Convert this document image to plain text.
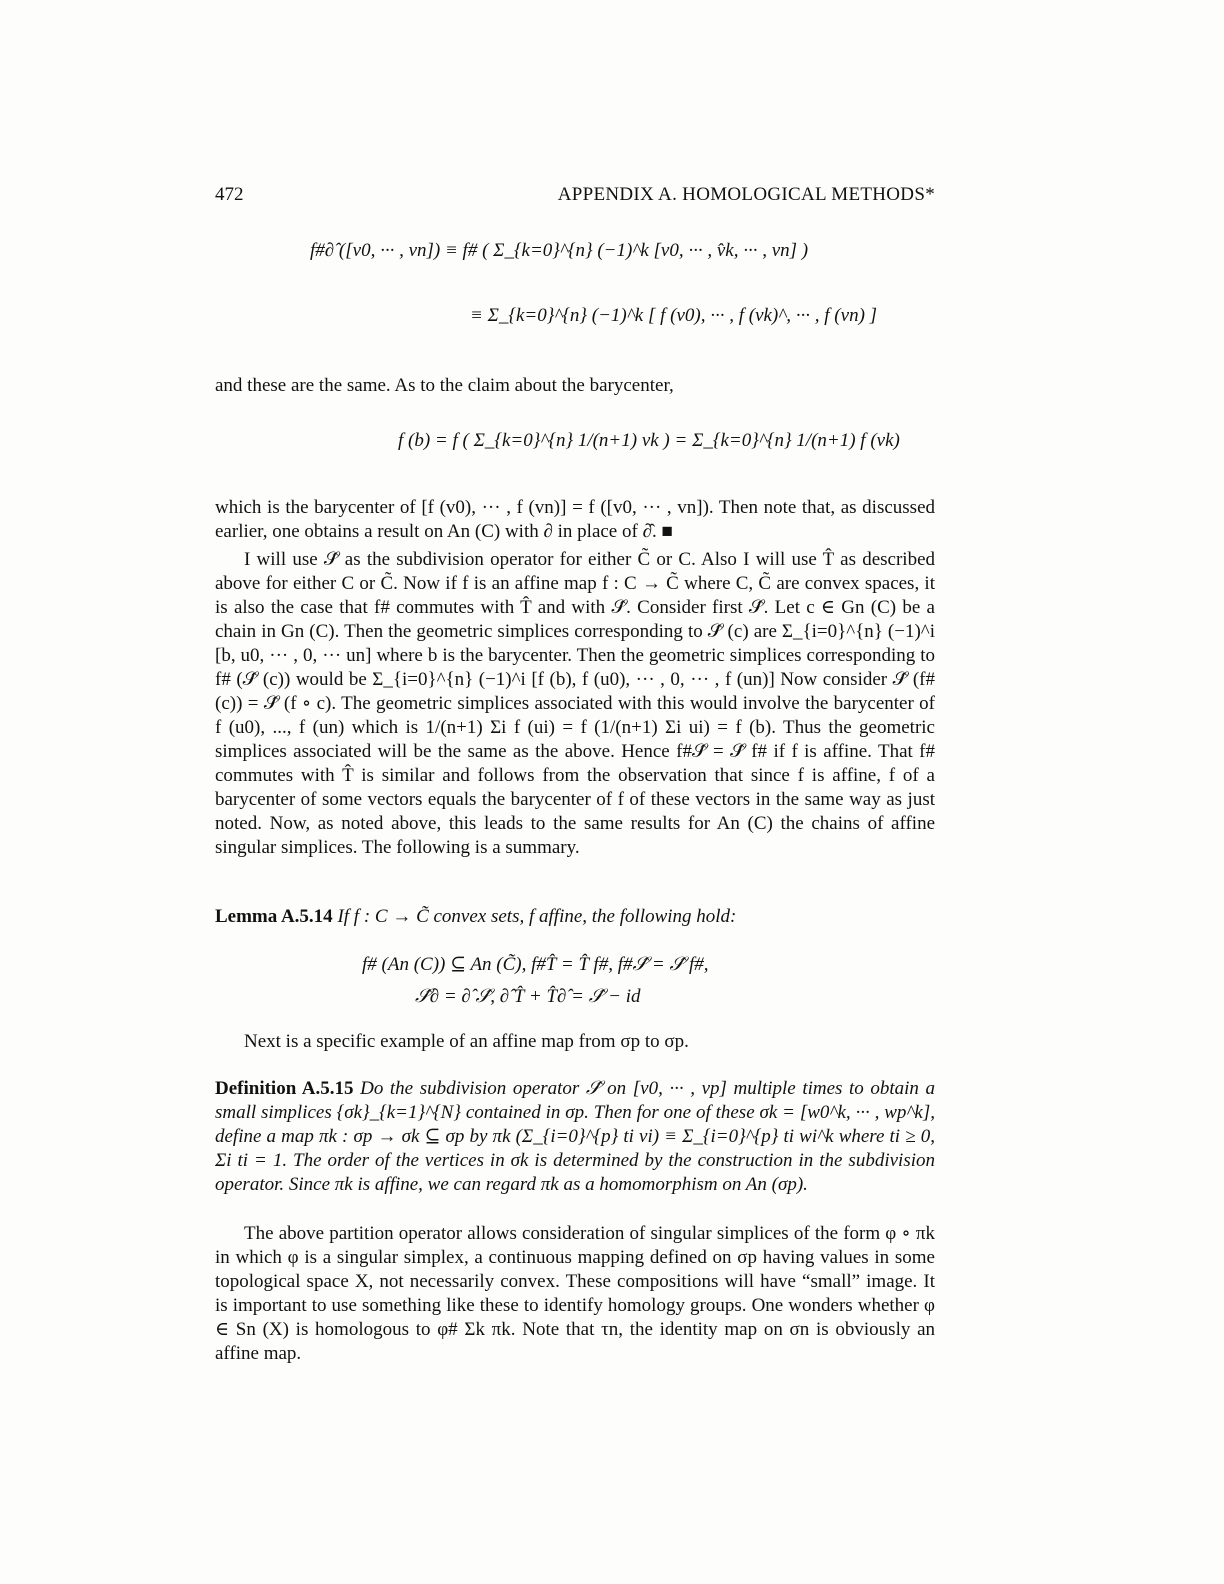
472	APPENDIX A. HOMOLOGICAL METHODS*
f#∂̂ ([v0, ··· , vn]) ≡ f# ( Σ_{k=0}^{n} (−1)^k [v0, ··· , v̂k, ··· , vn] )
≡ Σ_{k=0}^{n} (−1)^k [ f (v0), ··· , f (vk)^, ··· , f (vn) ]

and these are the same. As to the claim about the barycenter,

f (b) = f ( Σ_{k=0}^{n} 1/(n+1) vk ) = Σ_{k=0}^{n} 1/(n+1) f (vk)

which is the barycenter of [f (v0), ··· , f (vn)] = f ([v0, ··· , vn]). Then note that, as discussed earlier, one obtains a result on An (C) with ∂ in place of ∂̂. ■

I will use 𝒮̂ as the subdivision operator for either C̃ or C. Also I will use T̂ as described above for either C or C̃. Now if f is an affine map f : C → C̃ where C, C̃ are convex spaces, it is also the case that f# commutes with T̂ and with 𝒮̂. Consider first 𝒮̂. Let c ∈ Gn (C) be a chain in Gn (C). Then the geometric simplices corresponding to 𝒮̂ (c) are Σ_{i=0}^{n} (−1)^i [b, u0, ··· , 0, ··· un] where b is the barycenter. Then the geometric simplices corresponding to f# (𝒮̂ (c)) would be Σ_{i=0}^{n} (−1)^i [f (b), f (u0), ··· , 0, ··· , f (un)] Now consider 𝒮̂ (f# (c)) = 𝒮̂ (f ∘ c). The geometric simplices associated with this would involve the barycenter of f (u0), ..., f (un) which is 1/(n+1) Σi f (ui) = f (1/(n+1) Σi ui) = f (b). Thus the geometric simplices associated will be the same as the above. Hence f#𝒮̂ = 𝒮̂ f# if f is affine. That f# commutes with T̂ is similar and follows from the observation that since f is affine, f of a barycenter of some vectors equals the barycenter of f of these vectors in the same way as just noted. Now, as noted above, this leads to the same results for An (C) the chains of affine singular simplices. The following is a summary.

Lemma A.5.14 If f : C → C̃ convex sets, f affine, the following hold:
f# (An (C)) ⊆ An (C̃), f#T̂ = T̂ f#, f#𝒮̂ = 𝒮̂ f#,
𝒮̂∂ = ∂̂ 𝒮̂, ∂̂ T̂ + T̂∂̂ = 𝒮̂ − id

Next is a specific example of an affine map from σp to σp.

Definition A.5.15 Do the subdivision operator 𝒮̂ on [v0, ··· , vp] multiple times to obtain a small simplices {σk}_{k=1}^{N} contained in σp. Then for one of these σk = [w0^k, ··· , wp^k], define a map πk : σp → σk ⊆ σp by πk (Σ_{i=0}^{p} ti vi) ≡ Σ_{i=0}^{p} ti wi^k where ti ≥ 0, Σi ti = 1. The order of the vertices in σk is determined by the construction in the subdivision operator. Since πk is affine, we can regard πk as a homomorphism on An (σp).

The above partition operator allows consideration of singular simplices of the form φ ∘ πk in which φ is a singular simplex, a continuous mapping defined on σp having values in some topological space X, not necessarily convex. These compositions will have “small” image. It is important to use something like these to identify homology groups. One wonders whether φ ∈ Sn (X) is homologous to φ# Σk πk. Note that τn, the identity map on σn is obviously an affine map.
